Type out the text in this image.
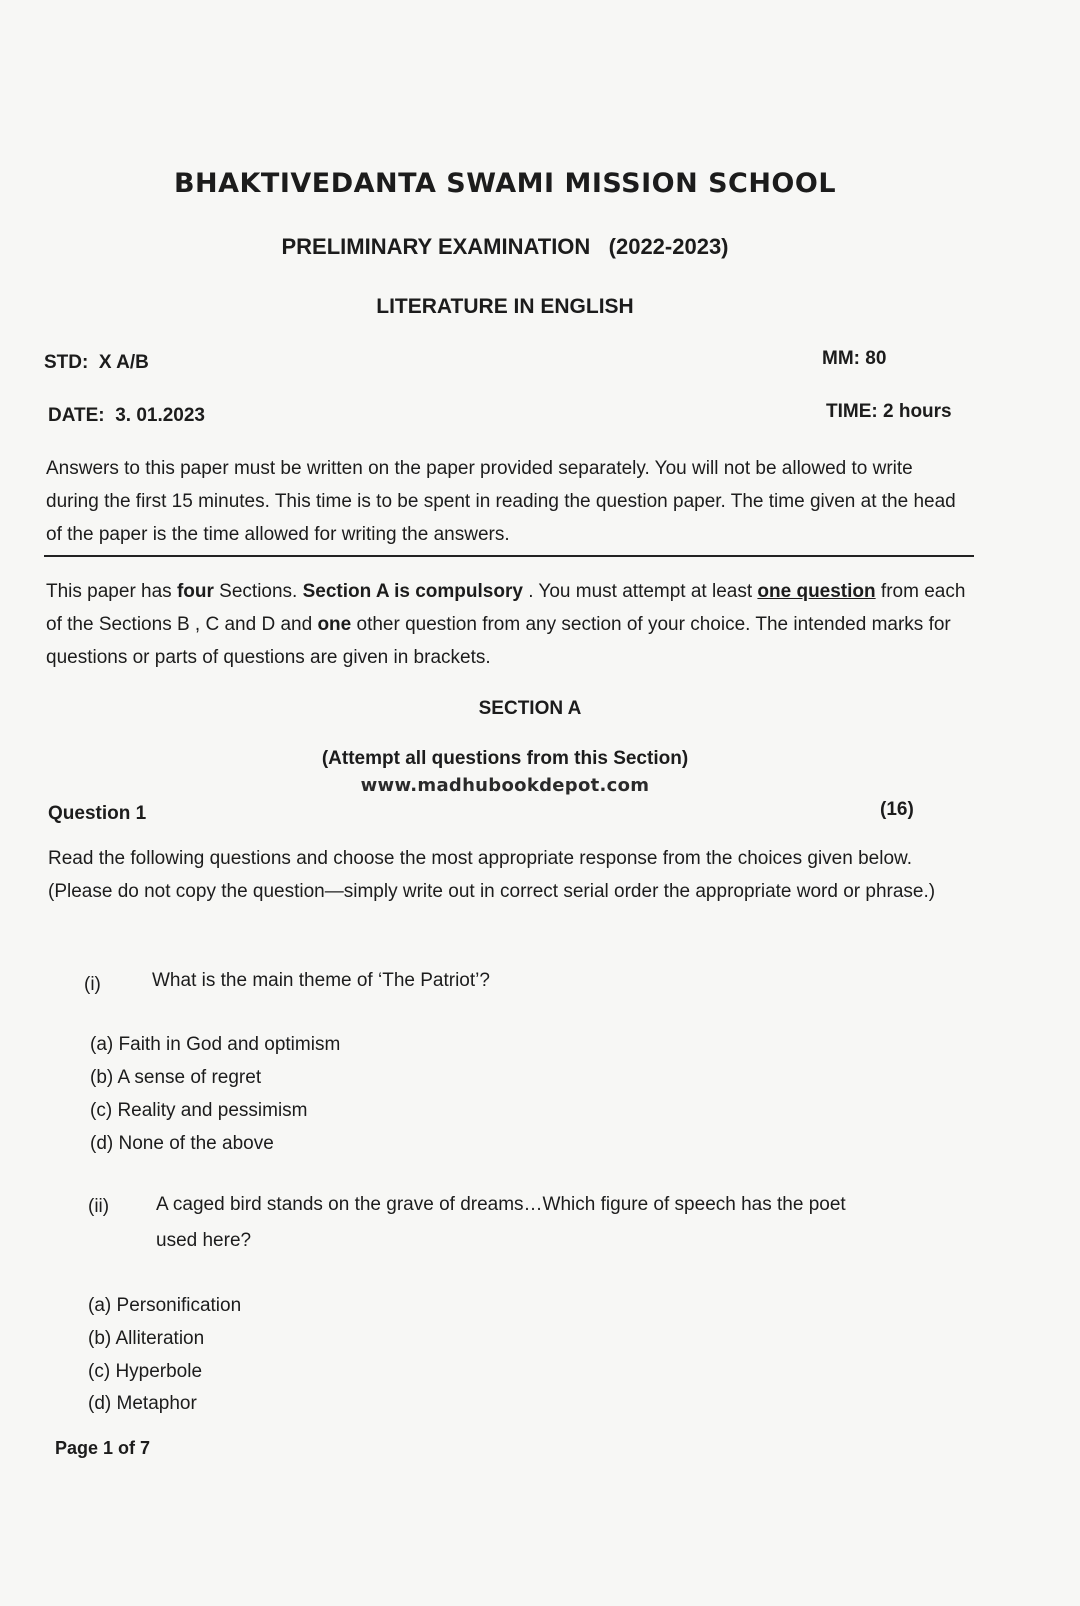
BHAKTIVEDANTA SWAMI MISSION SCHOOL
PRELIMINARY EXAMINATION   (2022-2023)
LITERATURE IN ENGLISH
STD:  X A/B	MM: 80
DATE:  3. 01.2023	TIME: 2 hours
Answers to this paper must be written on the paper provided separately. You will not be allowed to write during the first 15 minutes. This time is to be spent in reading the question paper. The time given at the head of the paper is the time allowed for writing the answers.
This paper has four Sections. Section A is compulsory . You must attempt at least one question from each of the Sections B , C and D and one other question from any section of your choice. The intended marks for questions or parts of questions are given in brackets.
SECTION A
(Attempt all questions from this Section)
www.madhubookdepot.com
Question 1	(16)
Read the following questions and choose the most appropriate response from the choices given below. (Please do not copy the question—simply write out in correct serial order the appropriate word or phrase.)
(i)	What is the main theme of ‘The Patriot’?
(a) Faith in God and optimism
(b) A sense of regret
(c) Reality and pessimism
(d) None of the above
(ii) A caged bird stands on the grave of dreams…Which figure of speech has the poet
used here?
(a) Personification
(b) Alliteration
(c) Hyperbole
(d) Metaphor
Page 1 of 7
